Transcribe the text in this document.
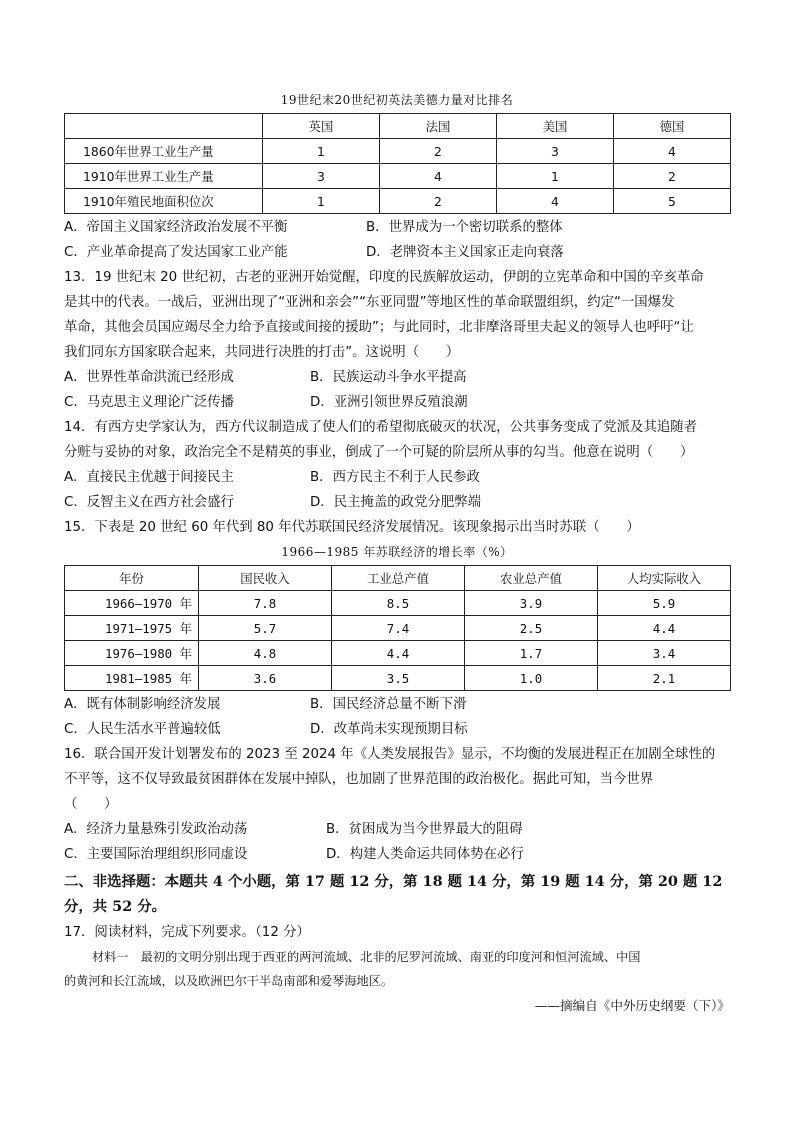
19世纪末20世纪初英法美德力量对比排名
	英国	法国	美国	德国
1860年世界工业生产量	1	2	3	4
1910年世界工业生产量	3	4	1	2
1910年殖民地面积位次	1	2	4	5
A．帝国主义国家经济政治发展不平衡	B．世界成为一个密切联系的整体
C．产业革命提高了发达国家工业产能	D．老牌资本主义国家正走向衰落
13．19 世纪末 20 世纪初，古老的亚洲开始觉醒，印度的民族解放运动，伊朗的立宪革命和中国的辛亥革命
是其中的代表。一战后，亚洲出现了“亚洲和亲会”“东亚同盟”等地区性的革命联盟组织，约定“一国爆发
革命，其他会员国应竭尽全力给予直接或间接的援助”；与此同时，北非摩洛哥里夫起义的领导人也呼吁“让
我们同东方国家联合起来，共同进行决胜的打击”。这说明（　　）
A．世界性革命洪流已经形成	B．民族运动斗争水平提高
C．马克思主义理论广泛传播	D．亚洲引领世界反殖浪潮
14．有西方史学家认为，西方代议制造成了使人们的希望彻底破灭的状况，公共事务变成了党派及其追随者
分赃与妥协的对象，政治完全不是精英的事业，倒成了一个可疑的阶层所从事的勾当。他意在说明（　　）
A．直接民主优越于间接民主	B．西方民主不利于人民参政
C．反智主义在西方社会盛行	D．民主掩盖的政党分肥弊端
15．下表是 20 世纪 60 年代到 80 年代苏联国民经济发展情况。该现象揭示出当时苏联（　　）
1966—1985 年苏联经济的增长率（%）
年份	国民收入	工业总产值	农业总产值	人均实际收入
1966—1970 年	7.8	8.5	3.9	5.9
1971—1975 年	5.7	7.4	2.5	4.4
1976—1980 年	4.8	4.4	1.7	3.4
1981—1985 年	3.6	3.5	1.0	2.1
A．既有体制影响经济发展	B．国民经济总量不断下滑
C．人民生活水平普遍较低	D．改革尚未实现预期目标
16．联合国开发计划署发布的 2023 至 2024 年《人类发展报告》显示，不均衡的发展进程正在加剧全球性的
不平等，这不仅导致最贫困群体在发展中掉队，也加剧了世界范围的政治极化。据此可知，当今世界
（　　）
A．经济力量悬殊引发政治动荡	B．贫困成为当今世界最大的阻碍
C．主要国际治理组织形同虚设	D．构建人类命运共同体势在必行
二、非选择题：本题共 4 个小题，第 17 题 12 分，第 18 题 14 分，第 19 题 14 分，第 20 题 12
分，共 52 分。
17．阅读材料，完成下列要求。（12 分）
材料一　最初的文明分别出现于西亚的两河流域、北非的尼罗河流域、南亚的印度河和恒河流域、中国
的黄河和长江流域，以及欧洲巴尔干半岛南部和爱琴海地区。
——摘编自《中外历史纲要（下）》
